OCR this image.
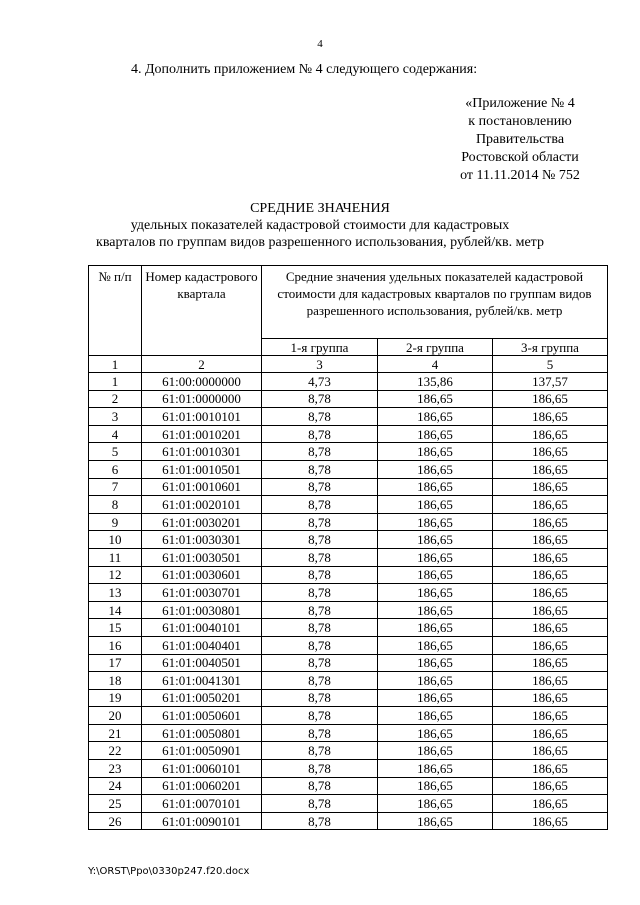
4
4. Дополнить приложением № 4 следующего содержания:
«Приложение № 4
к постановлению
Правительства
Ростовской области
от 11.11.2014 № 752
СРЕДНИЕ ЗНАЧЕНИЯ
удельных показателей кадастровой стоимости для кадастровых
кварталов по группам видов разрешенного использования, рублей/кв. метр
№ п/п	Номер кадастрового квартала	Средние значения удельных показателей кадастровой стоимости для кадастровых кварталов по группам видов разрешенного использования, рублей/кв. метр		
		1-я группа	2-я группа	3-я группа
1	2	3	4	5
1	61:00:0000000	4,73	135,86	137,57
2	61:01:0000000	8,78	186,65	186,65
3	61:01:0010101	8,78	186,65	186,65
4	61:01:0010201	8,78	186,65	186,65
5	61:01:0010301	8,78	186,65	186,65
6	61:01:0010501	8,78	186,65	186,65
7	61:01:0010601	8,78	186,65	186,65
8	61:01:0020101	8,78	186,65	186,65
9	61:01:0030201	8,78	186,65	186,65
10	61:01:0030301	8,78	186,65	186,65
11	61:01:0030501	8,78	186,65	186,65
12	61:01:0030601	8,78	186,65	186,65
13	61:01:0030701	8,78	186,65	186,65
14	61:01:0030801	8,78	186,65	186,65
15	61:01:0040101	8,78	186,65	186,65
16	61:01:0040401	8,78	186,65	186,65
17	61:01:0040501	8,78	186,65	186,65
18	61:01:0041301	8,78	186,65	186,65
19	61:01:0050201	8,78	186,65	186,65
20	61:01:0050601	8,78	186,65	186,65
21	61:01:0050801	8,78	186,65	186,65
22	61:01:0050901	8,78	186,65	186,65
23	61:01:0060101	8,78	186,65	186,65
24	61:01:0060201	8,78	186,65	186,65
25	61:01:0070101	8,78	186,65	186,65
26	61:01:0090101	8,78	186,65	186,65
Y:\ORST\Ppo\0330p247.f20.docx
